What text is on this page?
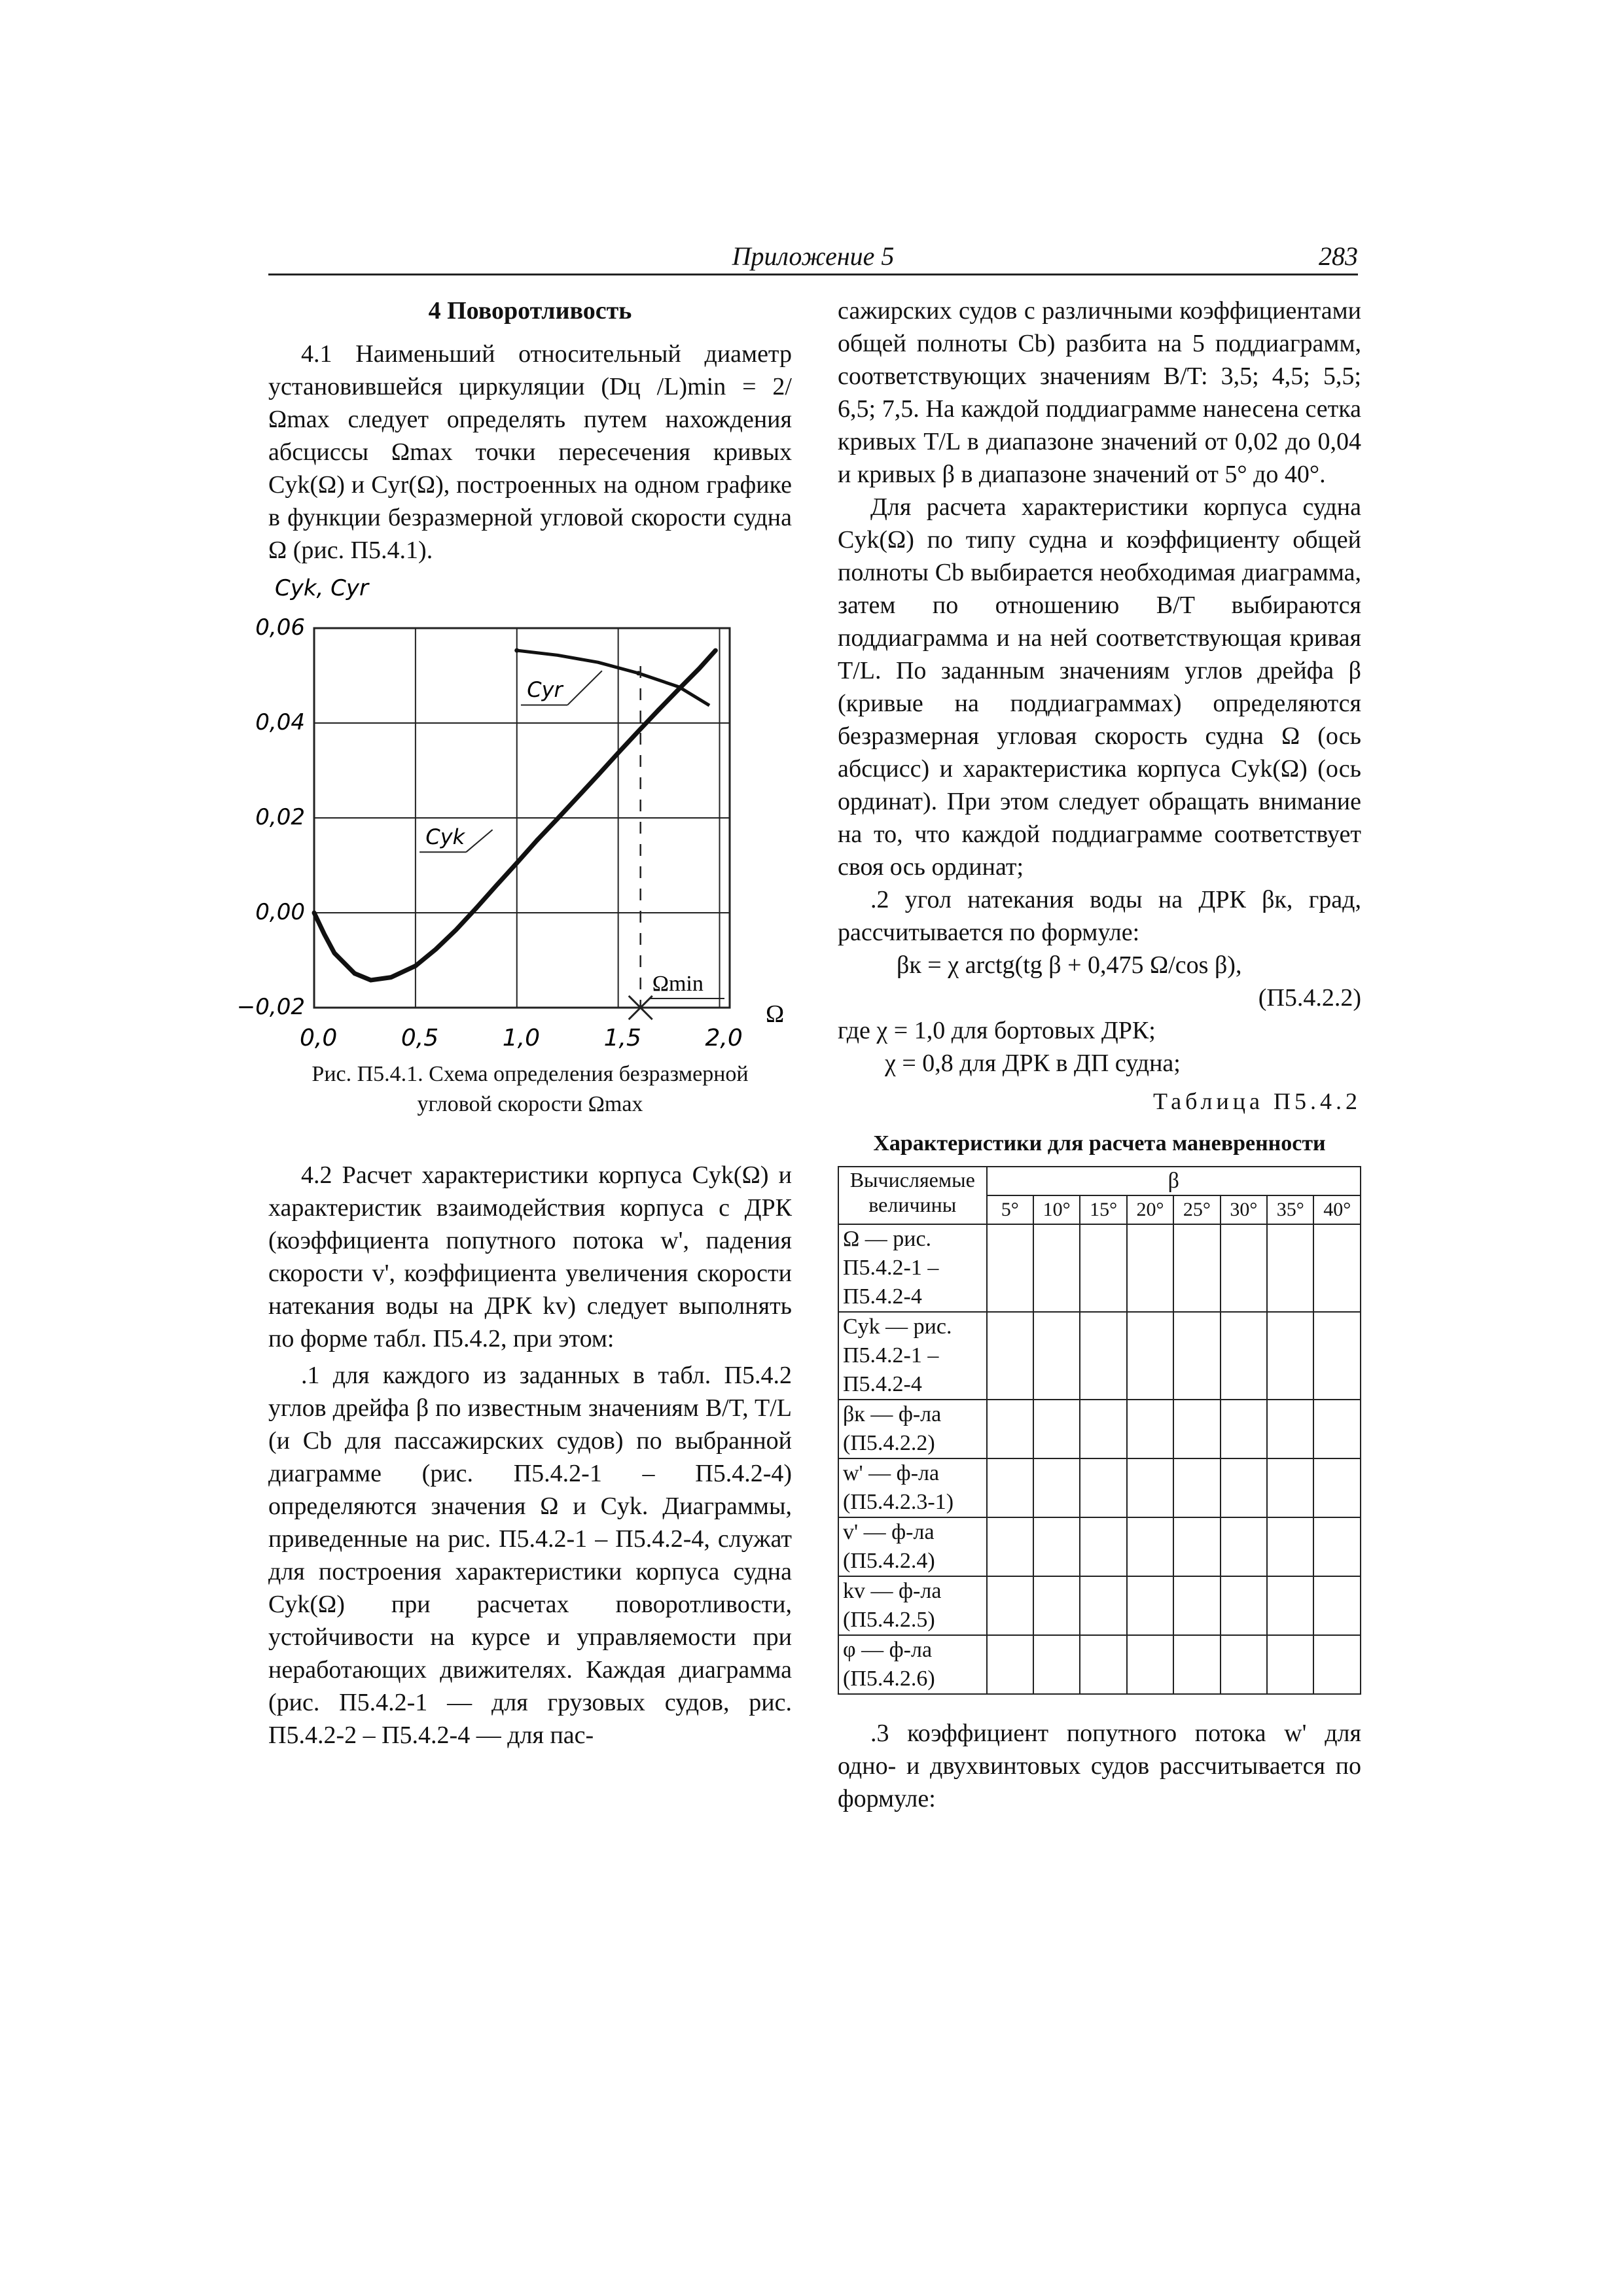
Приложение 5	283

4 Поворотливость

4.1 Наименьший относительный диаметр установившейся циркуляции (Dц /L)min = 2/Ωmax следует определять путем нахождения абсциссы Ωmax точки пересечения кривых Cyk(Ω) и Cyr(Ω), построенных на одном графике в функции безразмерной угловой скорости судна Ω (рис. П5.4.1).

0,0	0,5	1,0	1,5	2,0
0,06
0,04
0,02
0,00
−0,02
Cyk, Cyr
Ω
Cyr
Cyk
Ωmin

Рис. П5.4.1. Схема определения безразмерной

угловой скорости Ωmax

4.2 Расчет характеристики корпуса Cyk(Ω) и характеристик взаимодействия корпуса с ДРК (коэффициента попутного потока w', падения скорости v', коэффициента увеличения скорости натекания воды на ДРК kv) следует выполнять по форме табл. П5.4.2, при этом:

.1 для каждого из заданных в табл. П5.4.2 углов дрейфа β по известным значениям B/T, T/L (и Cb для пассажирских судов) по выбранной диаграмме (рис. П5.4.2-1 – П5.4.2-4) определяются значения Ω и Cyk. Диаграммы, приведенные на рис. П5.4.2-1 – П5.4.2-4, служат для построения характеристики корпуса судна Cyk(Ω) при расчетах поворотливости, устойчивости на курсе и управляемости при неработающих движителях. Каждая диаграмма (рис. П5.4.2-1 — для грузовых судов, рис. П5.4.2-2 – П5.4.2-4 — для пас-

сажирских судов с различными коэффициентами общей полноты Cb) разбита на 5 поддиаграмм, соответствующих значениям B/T: 3,5; 4,5; 5,5; 6,5; 7,5. На каждой поддиаграмме нанесена сетка кривых T/L в диапазоне значений от 0,02 до 0,04 и кривых β в диапазоне значений от 5° до 40°.

Для расчета характеристики корпуса судна Cyk(Ω) по типу судна и коэффициенту общей полноты Cb выбирается необходимая диаграмма, затем по отношению B/T выбираются поддиаграмма и на ней соответствующая кривая T/L. По заданным значениям углов дрейфа β (кривые на поддиаграммах) определяются безразмерная угловая скорость судна Ω (ось абсцисс) и характеристика корпуса Cyk(Ω) (ось ординат). При этом следует обращать внимание на то, что каждой поддиаграмме соответствует своя ось ординат;

.2 угол натекания воды на ДРК βк, град, рассчитывается по формуле:

βк = χ arctg(tg β + 0,475 Ω/cos β),

(П5.4.2.2)

где χ = 1,0 для бортовых ДРК;

χ = 0,8 для ДРК в ДП судна;

Таблица П5.4.2

Характеристики для расчета маневренности

Вычисляемые величины	β							
	5°	10°	15°	20°	25°	30°	35°	40°

Ω — рис.
П5.4.2-1 –
П5.4.2-4								

Cyk — рис.
П5.4.2-1 –
П5.4.2-4								

βк — ф-ла
(П5.4.2.2)								

w' — ф-ла
(П5.4.2.3-1)								

v' — ф-ла
(П5.4.2.4)								

kv — ф-ла
(П5.4.2.5)								

φ — ф-ла
(П5.4.2.6)								

.3 коэффициент попутного потока w' для одно- и двухвинтовых судов рассчитывается по формуле:
